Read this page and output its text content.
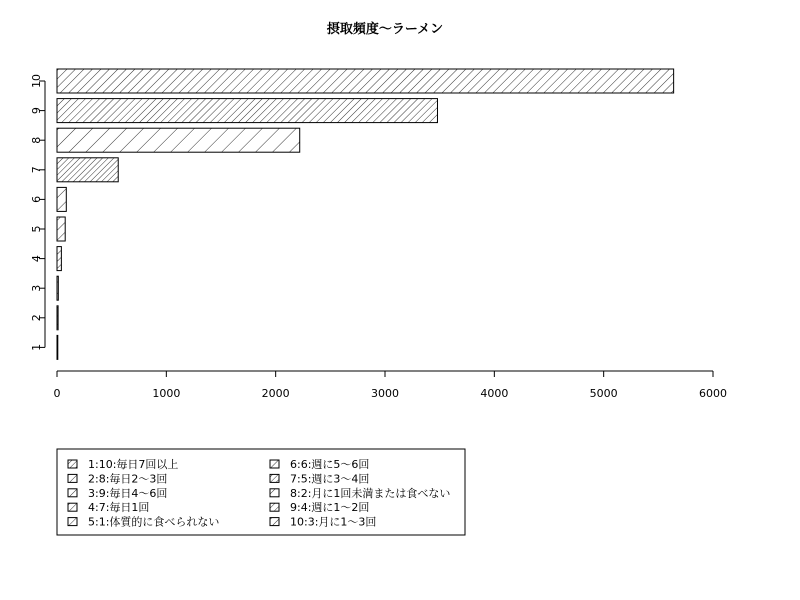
摂取頻度〜ラーメン
1
2
3
4
5
6
7
8
9
10
0	1000	2000	3000	4000	5000	6000
1:10:毎日7回以上
2:8:毎日2〜3回
3:9:毎日4〜6回
4:7:毎日1回
5:1:体質的に食べられない
6:6:週に5〜6回
7:5:週に3〜4回
8:2:月に1回未満または食べない
9:4:週に1〜2回
10:3:月に1〜3回
